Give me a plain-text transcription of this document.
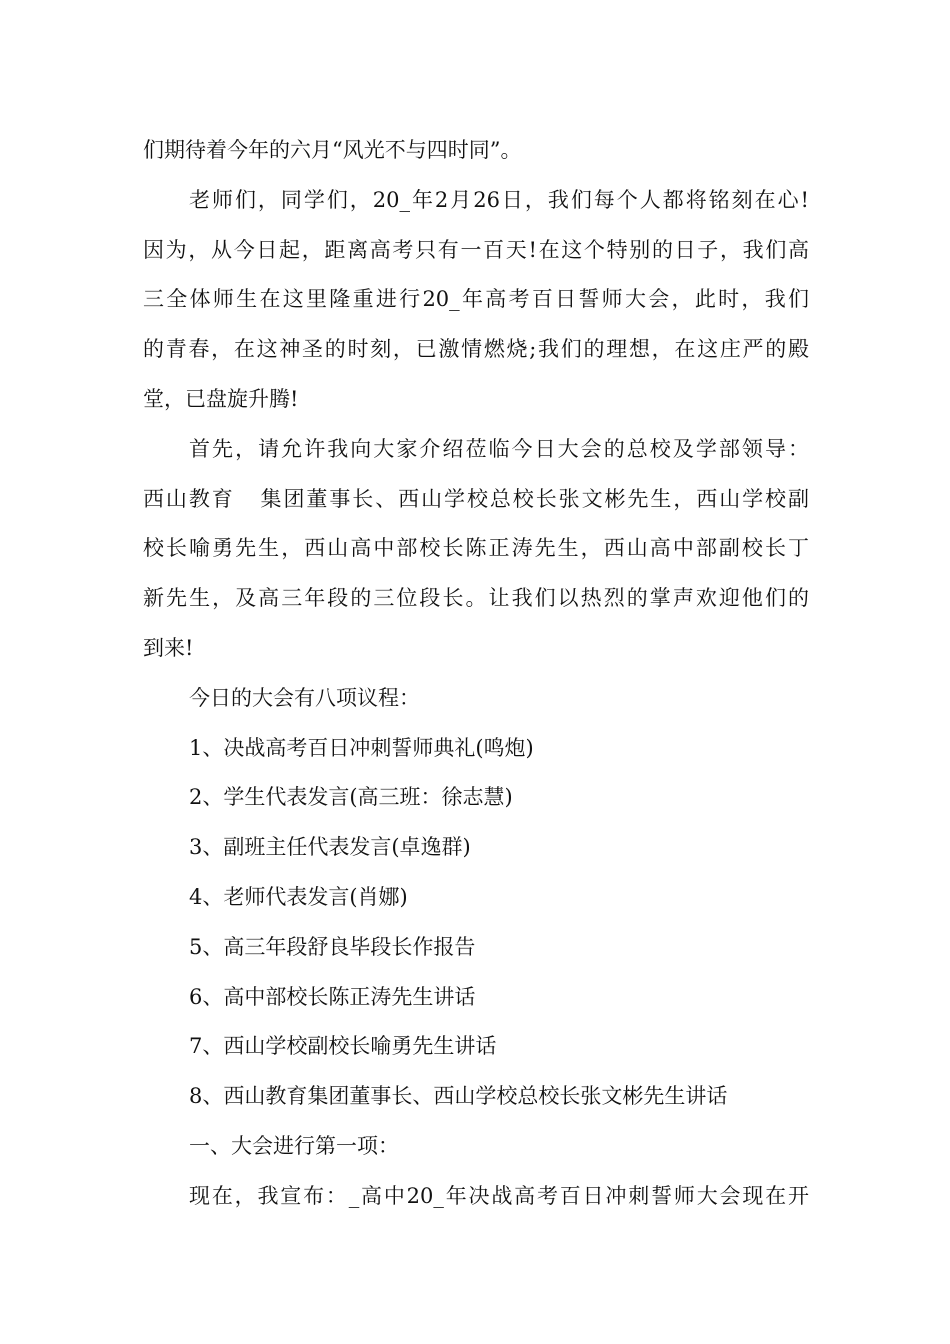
们期待着今年的六月“风光不与四时同”。
老师们，同学们，20_年2月26日，我们每个人都将铭刻在心!
因为，从今日起，距离高考只有一百天!在这个特别的日子，我们高
三全体师生在这里隆重进行20_年高考百日誓师大会，此时，我们
的青春，在这神圣的时刻，已激情燃烧;我们的理想，在这庄严的殿
堂，已盘旋升腾!
首先，请允许我向大家介绍莅临今日大会的总校及学部领导：
西山教育   集团董事长、西山学校总校长张文彬先生，西山学校副
校长喻勇先生，西山高中部校长陈正涛先生，西山高中部副校长丁
新先生，及高三年段的三位段长。让我们以热烈的掌声欢迎他们的
到来!
今日的大会有八项议程：
1、决战高考百日冲刺誓师典礼(鸣炮)
2、学生代表发言(高三班：徐志慧)
3、副班主任代表发言(卓逸群)
4、老师代表发言(肖娜)
5、高三年段舒良毕段长作报告
6、高中部校长陈正涛先生讲话
7、西山学校副校长喻勇先生讲话
8、西山教育集团董事长、西山学校总校长张文彬先生讲话
一、大会进行第一项：
现在，我宣布：_高中20_年决战高考百日冲刺誓师大会现在开
